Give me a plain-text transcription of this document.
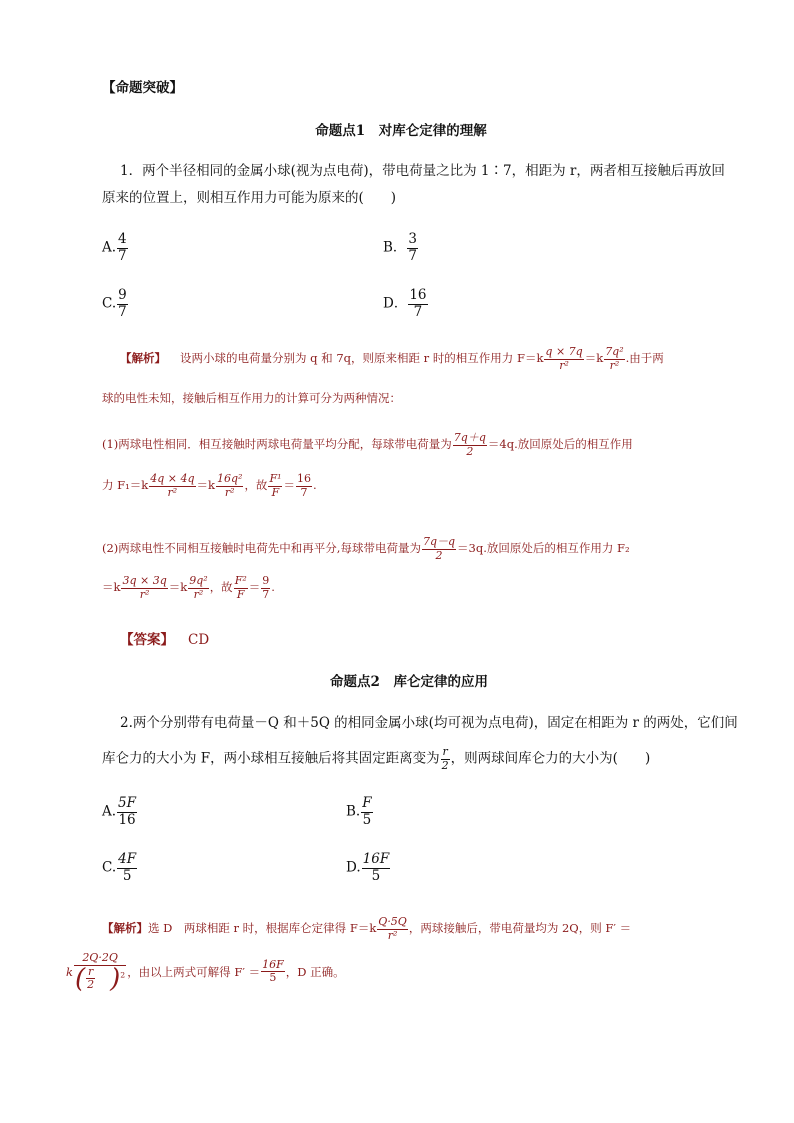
【命题突破】
命题点1　对库仑定律的理解
1．两个半径相同的金属小球(视为点电荷)，带电荷量之比为 1∶7，相距为 r，两者相互接触后再放回
原来的位置上，则相互作用力可能为原来的(　　)
A. $\frac{4}{7}$	B． $\frac{3}{7}$
C. $\frac{9}{7}$	D． $\frac{16}{7}$
【解析】 设两小球的电荷量分别为 q 和 7q，则原来相距 r 时的相互作用力 $F=k \frac{q \times 7q}{\text{r²}} =k \frac{\text{7q²}}{\text{r²}}$ .由于两
球的电性未知，接触后相互作用力的计算可分为两种情况：
(1)两球电性相同．相互接触时两球电荷量平均分配，每球带电荷量为 $\frac{7q+q}{2} =4q$.放回原处后的相互作用
力 $F_1=k \frac{4q \times 4q}{\text{r²}} =k \frac{\text{16q²}}{\text{r²}}$ ，故 $\frac{\text{F¹}}{F} = \frac{16}{7}$ .
(2)两球电性不同相互接触时电荷先中和再平分,每球带电荷量为 $\frac{7q-q}{2} =3q$.放回原处后的相互作用力 F₂
$=k \frac{3q \times 3q}{\text{r²}} =k \frac{\text{9q²}}{\text{r²}}$ ，故 $\frac{\text{F²}}{F} = \frac{9}{7}$ .
【答案】 CD
命题点2　库仑定律的应用
2.两个分别带有电荷量－Q 和＋5Q 的相同金属小球(均可视为点电荷)，固定在相距为 r 的两处，它们间
库仑力的大小为 F，两小球相互接触后将其固定距离变为 $\frac{r}{2}$ ，则两球间库仑力的大小为(　　)
A. $\frac{5F}{16}$	B. $\frac{F}{5}$
C. $\frac{4F}{5}$	D. $\frac{16F}{5}$
【解析】选 D　两球相距 r 时，根据库仑定律得 $F=k \frac{Q\cdot 5Q}{\text{r²}}$ ，两球接触后，带电荷量均为 2Q，则 F′ ＝
k $\frac{2Q\cdot 2Q}{( \frac{r}{2} )^2}$ ，由以上两式可解得 $F' = \frac{16F}{5}$ ，D 正确。
